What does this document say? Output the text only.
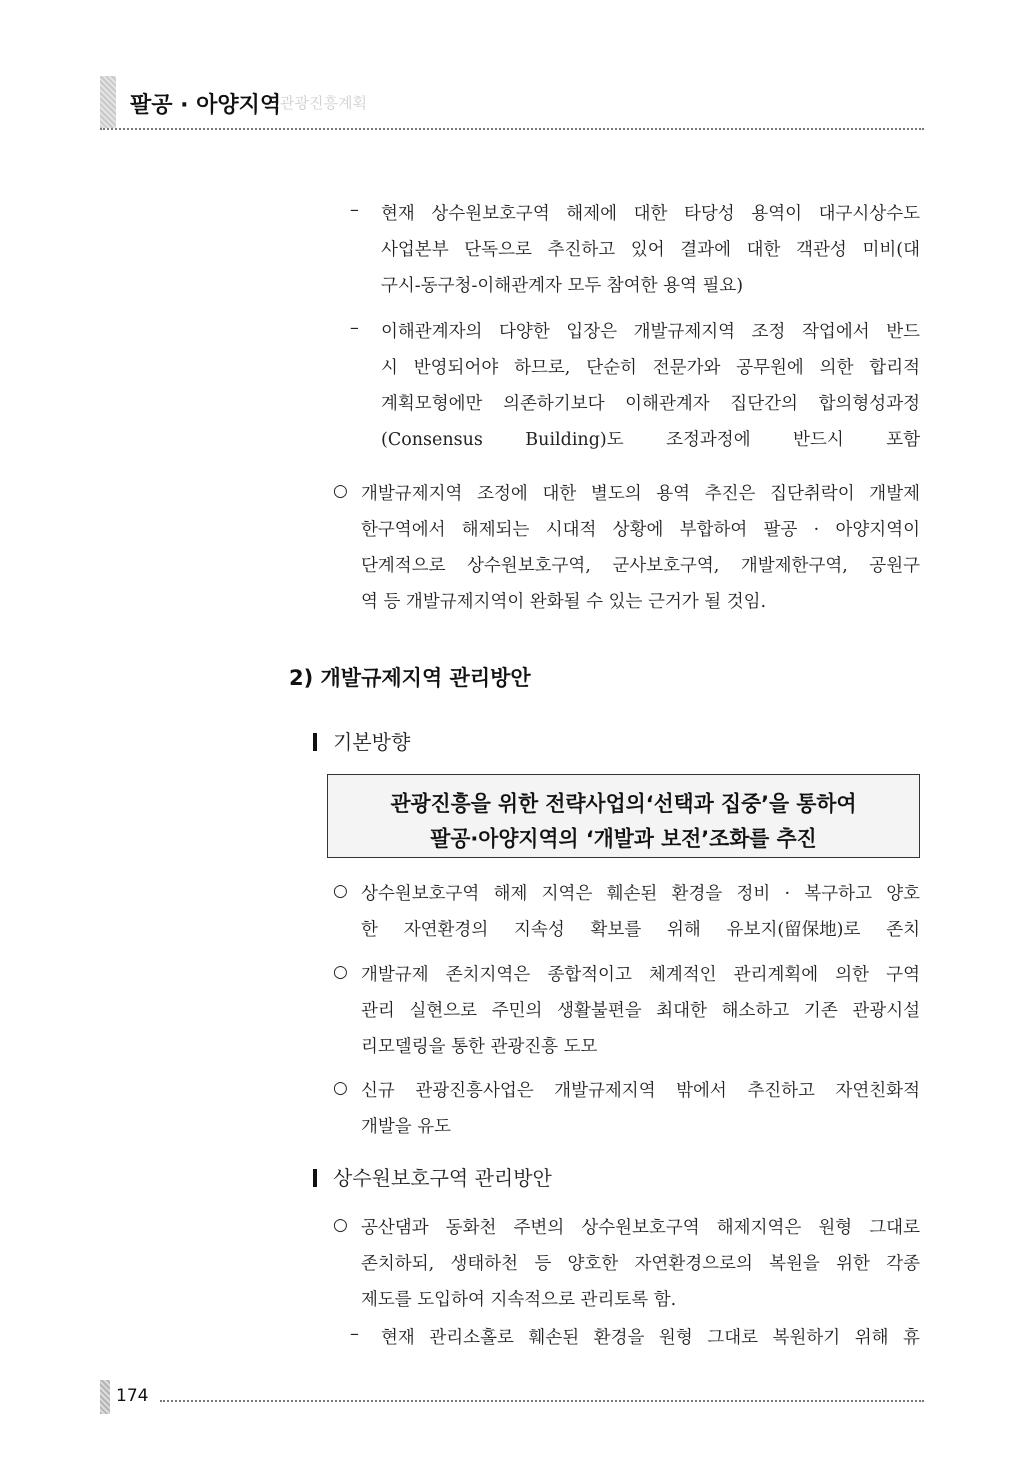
팔공 · 아양지역
관광진흥계획
– 현재 상수원보호구역 해제에 대한 타당성 용역이 대구시상수도
사업본부 단독으로 추진하고 있어 결과에 대한 객관성 미비(대
구시-동구청-이해관계자 모두 참여한 용역 필요)
– 이해관계자의 다양한 입장은 개발규제지역 조정 작업에서 반드
시 반영되어야 하므로, 단순히 전문가와 공무원에 의한 합리적
계획모형에만 의존하기보다 이해관계자 집단간의 합의형성과정
(Consensus Building)도 조정과정에 반드시 포함
○ 개발규제지역 조정에 대한 별도의 용역 추진은 집단취락이 개발제
한구역에서 해제되는 시대적 상황에 부합하여 팔공 · 아양지역이
단계적으로 상수원보호구역, 군사보호구역, 개발제한구역, 공원구
역 등 개발규제지역이 완화될 수 있는 근거가 될 것임.
2) 개발규제지역 관리방안
기본방향
관광진흥을 위한 전략사업의‘선택과 집중’을 통하여
팔공·아양지역의 ‘개발과 보전’조화를 추진
○ 상수원보호구역 해제 지역은 훼손된 환경을 정비 · 복구하고 양호
한 자연환경의 지속성 확보를 위해 유보지(留保地)로 존치
○ 개발규제 존치지역은 종합적이고 체계적인 관리계획에 의한 구역
관리 실현으로 주민의 생활불편을 최대한 해소하고 기존 관광시설
리모델링을 통한 관광진흥 도모
○ 신규 관광진흥사업은 개발규제지역 밖에서 추진하고 자연친화적
개발을 유도
상수원보호구역 관리방안
○ 공산댐과 동화천 주변의 상수원보호구역 해제지역은 원형 그대로
존치하되, 생태하천 등 양호한 자연환경으로의 복원을 위한 각종
제도를 도입하여 지속적으로 관리토록 함.
– 현재 관리소홀로 훼손된 환경을 원형 그대로 복원하기 위해 휴
174
